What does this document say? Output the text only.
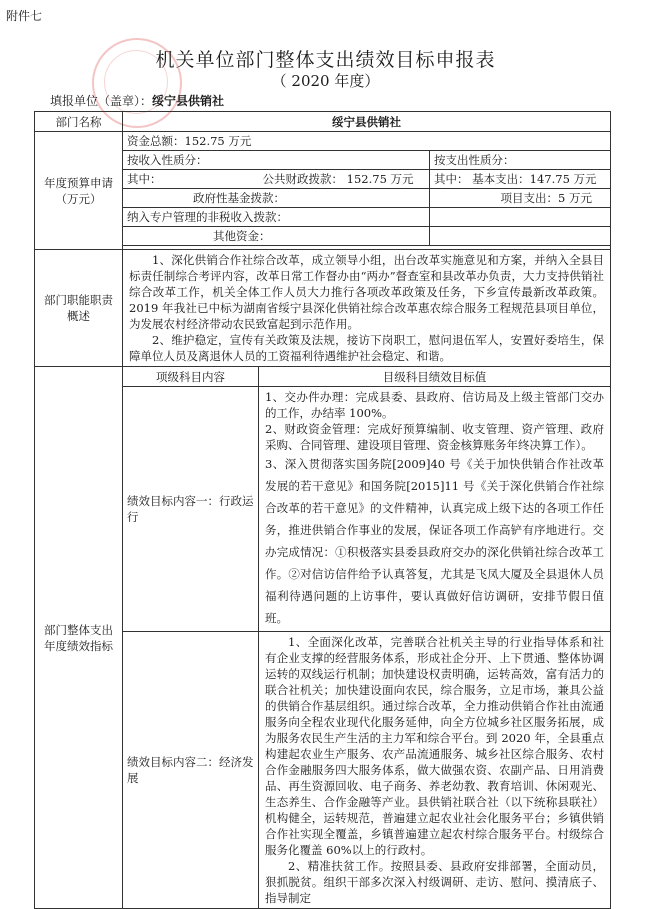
附件七
机关单位部门整体支出绩效目标申报表
（ 2020 年度）
填报单位（盖章）：绥宁县供销社
部门名称	绥宁县供销社		
年度预算申请（万元）	资金总额：152.75 万元		
	按收入性质分：		按支出性质分：
	其中：	公共财政拨款： 152.75 万元	其中： 基本支出：147.75 万元
	政府性基金拨款：		项目支出：5 万元
	纳入专户管理的非税收入拨款：		
	其他资金：		

部门职能职责概述	1、深化供销合作社综合改革，成立领导小组，出台改革实施意见和方案，并纳入全县目标责任制综合考评内容，改革日常工作督办由“两办”督查室和县改革办负责，大力支持供销社综合改革工作，机关全体工作人员大力推行各项改革政策及任务，下乡宣传最新改革政策。2019 年我社已中标为湖南省绥宁县深化供销社综合改革惠农综合服务工程规范县项目单位，为发展农村经济带动农民致富起到示范作用。
2、维护稳定，宣传有关政策及法规，接访下岗职工，慰问退伍军人，安置好委培生，保障单位人员及离退休人员的工资福利待遇维护社会稳定、和谐。		

部门整体支出年度绩效指标	项级科目内容	目级科目绩效目标值	
	绩效目标内容一：行政运行	1、交办件办理：完成县委、县政府、信访局及上级主管部门交办的工作，办结率 100%。

2、财政资金管理：完成好预算编制、收支管理、资产管理、政府采购、合同管理、建设项目管理、资金核算账务年终决算工作）。

3、深入贯彻落实国务院[2009]40 号《关于加快供销合作社改革发展的若干意见》和国务院[2015]11 号《关于深化供销合作社综合改革的若干意见》的文件精神，认真完成上级下达的各项工作任务，推进供销合作事业的发展，保证各项工作高铲有序地进行。交办完成情况：①积极落实县委县政府交办的深化供销社综合改革工作。②对信访信件给予认真答复，尤其是飞凤大厦及全县退休人员福利待遇问题的上访事件，要认真做好信访调研，安排节假日值班。	

	绩效目标内容二：经济发展	1、全面深化改革，完善联合社机关主导的行业指导体系和社有企业支撑的经营服务体系，形成社企分开、上下贯通、整体协调运转的双线运行机制；加快建设权责明确，运转高效，富有活力的联合社机关；加快建设面向农民，综合服务，立足市场，兼具公益的供销合作基层组织。通过综合改革，全力推动供销合作社由流通服务向全程农业现代化服务延伸，向全方位城乡社区服务拓展，成为服务农民生产生活的主力军和综合平台。到 2020 年，全县重点构建起农业生产服务、农产品流通服务、城乡社区综合服务、农村合作金融服务四大服务体系，做大做强农资、农副产品、日用消费品、再生资源回收、电子商务、养老幼教、教育培训、休闲观光、生态养生、合作金融等产业。县供销社联合社（以下统称县联社）机构健全，运转规范，普遍建立起农业社会化服务平台；乡镇供销合作社实现全覆盖，乡镇普遍建立起农村综合服务平台。村级综合服务化覆盖 60%以上的行政村。

2、精准扶贫工作。按照县委、县政府安排部署，全面动员，狠抓脱贫。组织干部多次深入村级调研、走访、慰问、摸清底子、指导制定	
